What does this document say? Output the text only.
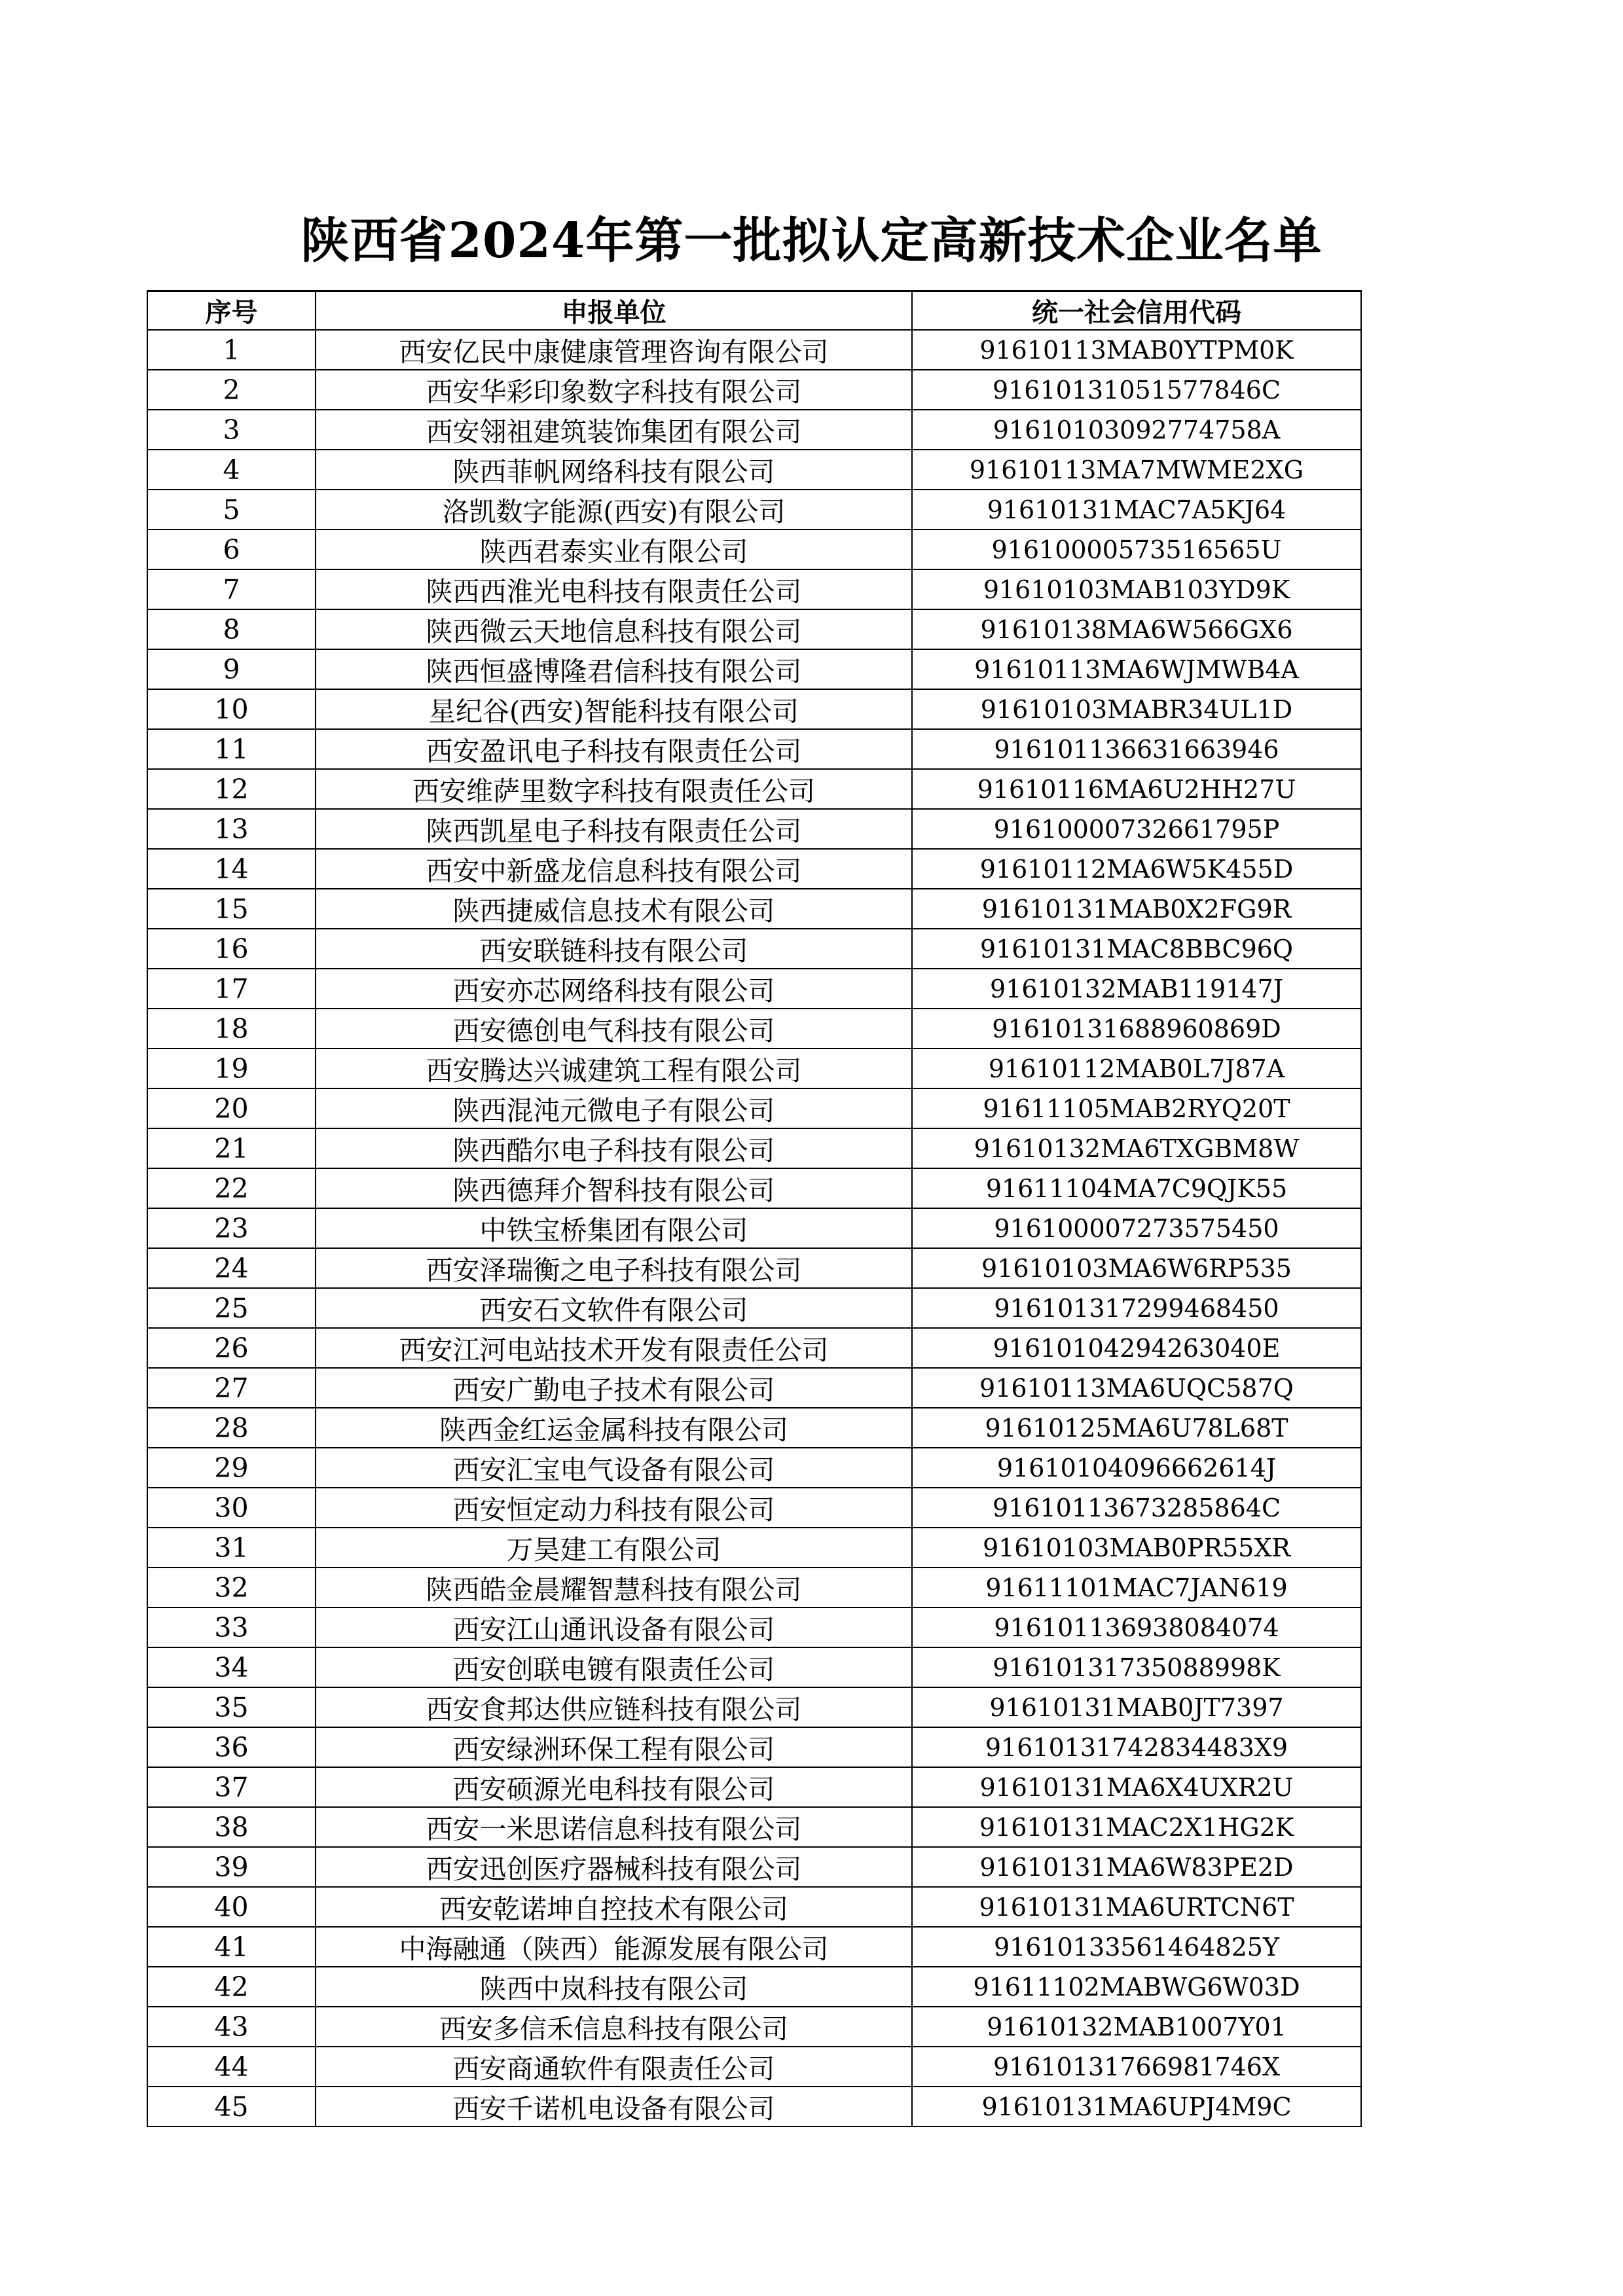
陕西省2024年第一批拟认定高新技术企业名单
序号	申报单位	统一社会信用代码
1	西安亿民中康健康管理咨询有限公司	91610113MAB0YTPM0K
2	西安华彩印象数字科技有限公司	91610131051577846C
3	西安翎祖建筑装饰集团有限公司	91610103092774758A
4	陕西菲帆网络科技有限公司	91610113MA7MWME2XG
5	洛凯数字能源(西安)有限公司	91610131MAC7A5KJ64
6	陕西君泰实业有限公司	91610000573516565U
7	陕西西淮光电科技有限责任公司	91610103MAB103YD9K
8	陕西微云天地信息科技有限公司	91610138MA6W566GX6
9	陕西恒盛博隆君信科技有限公司	91610113MA6WJMWB4A
10	星纪谷(西安)智能科技有限公司	91610103MABR34UL1D
11	西安盈讯电子科技有限责任公司	916101136631663946
12	西安维萨里数字科技有限责任公司	91610116MA6U2HH27U
13	陕西凯星电子科技有限责任公司	91610000732661795P
14	西安中新盛龙信息科技有限公司	91610112MA6W5K455D
15	陕西捷威信息技术有限公司	91610131MAB0X2FG9R
16	西安联链科技有限公司	91610131MAC8BBC96Q
17	西安亦芯网络科技有限公司	91610132MAB119147J
18	西安德创电气科技有限公司	91610131688960869D
19	西安腾达兴诚建筑工程有限公司	91610112MAB0L7J87A
20	陕西混沌元微电子有限公司	91611105MAB2RYQ20T
21	陕西酷尔电子科技有限公司	91610132MA6TXGBM8W
22	陕西德拜介智科技有限公司	91611104MA7C9QJK55
23	中铁宝桥集团有限公司	916100007273575450
24	西安泽瑞衡之电子科技有限公司	91610103MA6W6RP535
25	西安石文软件有限公司	916101317299468450
26	西安江河电站技术开发有限责任公司	91610104294263040E
27	西安广勤电子技术有限公司	91610113MA6UQC587Q
28	陕西金红运金属科技有限公司	91610125MA6U78L68T
29	西安汇宝电气设备有限公司	91610104096662614J
30	西安恒定动力科技有限公司	91610113673285864C
31	万昊建工有限公司	91610103MAB0PR55XR
32	陕西皓金晨耀智慧科技有限公司	91611101MAC7JAN619
33	西安江山通讯设备有限公司	916101136938084074
34	西安创联电镀有限责任公司	91610131735088998K
35	西安食邦达供应链科技有限公司	91610131MAB0JT7397
36	西安绿洲环保工程有限公司	91610131742834483X9
37	西安硕源光电科技有限公司	91610131MA6X4UXR2U
38	西安一米思诺信息科技有限公司	91610131MAC2X1HG2K
39	西安迅创医疗器械科技有限公司	91610131MA6W83PE2D
40	西安乾诺坤自控技术有限公司	91610131MA6URTCN6T
41	中海融通（陕西）能源发展有限公司	91610133561464825Y
42	陕西中岚科技有限公司	91611102MABWG6W03D
43	西安多信禾信息科技有限公司	91610132MAB1007Y01
44	西安商通软件有限责任公司	91610131766981746X
45	西安千诺机电设备有限公司	91610131MA6UPJ4M9C
